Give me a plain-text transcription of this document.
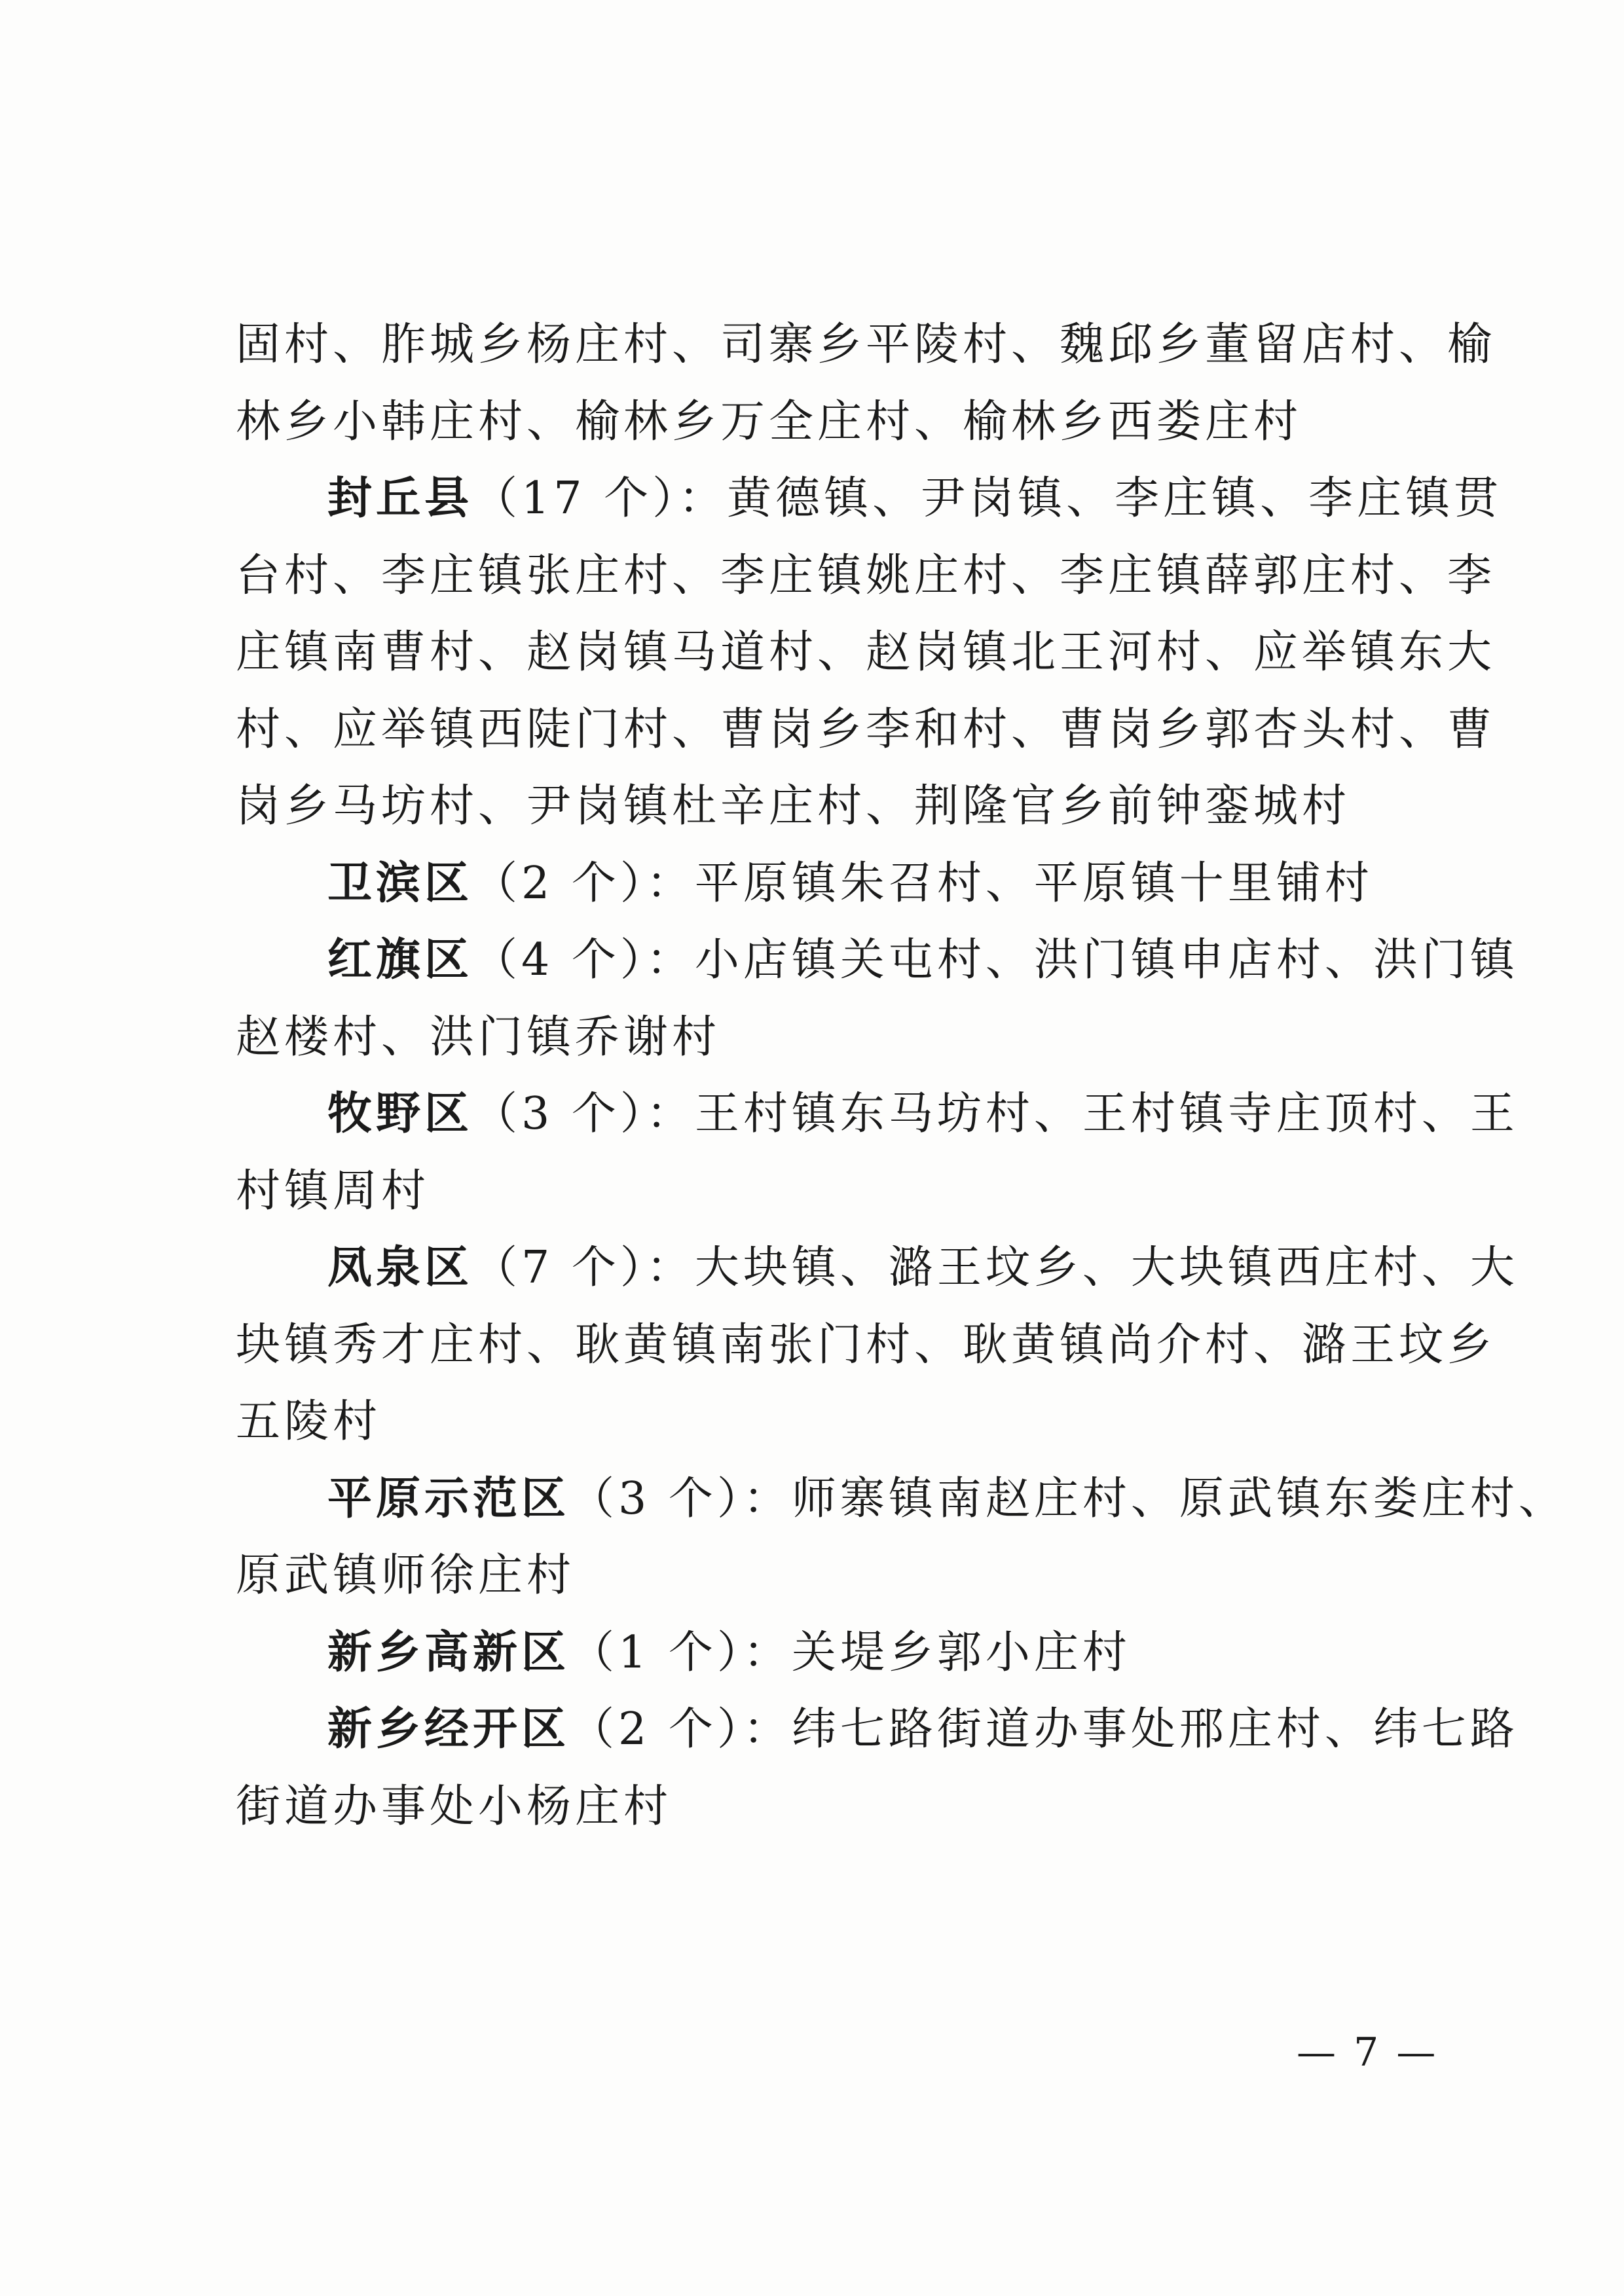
固村、胙城乡杨庄村、司寨乡平陵村、魏邱乡董留店村、榆
林乡小韩庄村、榆林乡万全庄村、榆林乡西娄庄村
封丘县（17 个）：黄德镇、尹岗镇、李庄镇、李庄镇贯
台村、李庄镇张庄村、李庄镇姚庄村、李庄镇薛郭庄村、李
庄镇南曹村、赵岗镇马道村、赵岗镇北王河村、应举镇东大
村、应举镇西陡门村、曹岗乡李和村、曹岗乡郭杏头村、曹
岗乡马坊村、尹岗镇杜辛庄村、荆隆官乡前钟銮城村
卫滨区（2 个）：平原镇朱召村、平原镇十里铺村
红旗区（4 个）：小店镇关屯村、洪门镇申店村、洪门镇
赵楼村、洪门镇乔谢村
牧野区（3 个）：王村镇东马坊村、王村镇寺庄顶村、王
村镇周村
凤泉区（7 个）：大块镇、潞王坟乡、大块镇西庄村、大
块镇秀才庄村、耿黄镇南张门村、耿黄镇尚介村、潞王坟乡
五陵村
平原示范区（3 个）：师寨镇南赵庄村、原武镇东娄庄村、
原武镇师徐庄村
新乡高新区（1 个）：关堤乡郭小庄村
新乡经开区（2 个）：纬七路街道办事处邢庄村、纬七路
街道办事处小杨庄村
— 7 —
